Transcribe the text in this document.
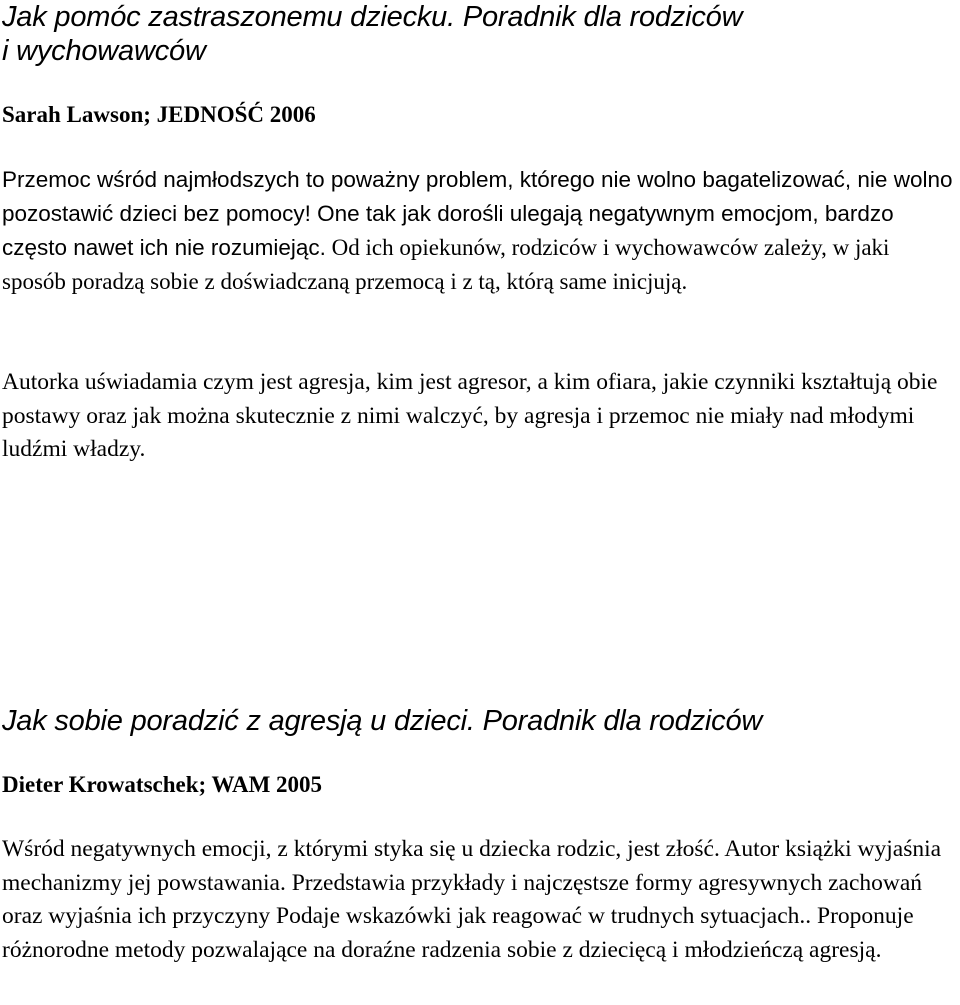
Jak pomóc zastraszonemu dziecku. Poradnik dla rodziców
i wychowawców

Sarah Lawson; JEDNOŚĆ 2006

Przemoc wśród najmłodszych to poważny problem, którego nie wolno bagatelizować, nie wolno pozostawić dzieci bez pomocy! One tak jak dorośli ulegają negatywnym emocjom, bardzo często nawet ich nie rozumiejąc. Od ich opiekunów, rodziców i wychowawców zależy, w jaki sposób poradzą sobie z doświadczaną przemocą i z tą, którą same inicjują.

Autorka uświadamia czym jest agresja, kim jest agresor, a kim ofiara, jakie czynniki kształtują obie postawy oraz jak można skutecznie z nimi walczyć, by agresja i przemoc nie miały nad młodymi ludźmi władzy.

Jak sobie poradzić z agresją u dzieci. Poradnik dla rodziców

Dieter Krowatschek; WAM 2005

Wśród negatywnych emocji, z którymi styka się u dziecka rodzic, jest złość. Autor książki wyjaśnia mechanizmy jej powstawania. Przedstawia przykłady i najczęstsze formy agresywnych zachowań oraz wyjaśnia ich przyczyny Podaje wskazówki jak reagować w trudnych sytuacjach.. Proponuje różnorodne metody pozwalające na doraźne radzenia sobie z dziecięcą i młodzieńczą agresją.
